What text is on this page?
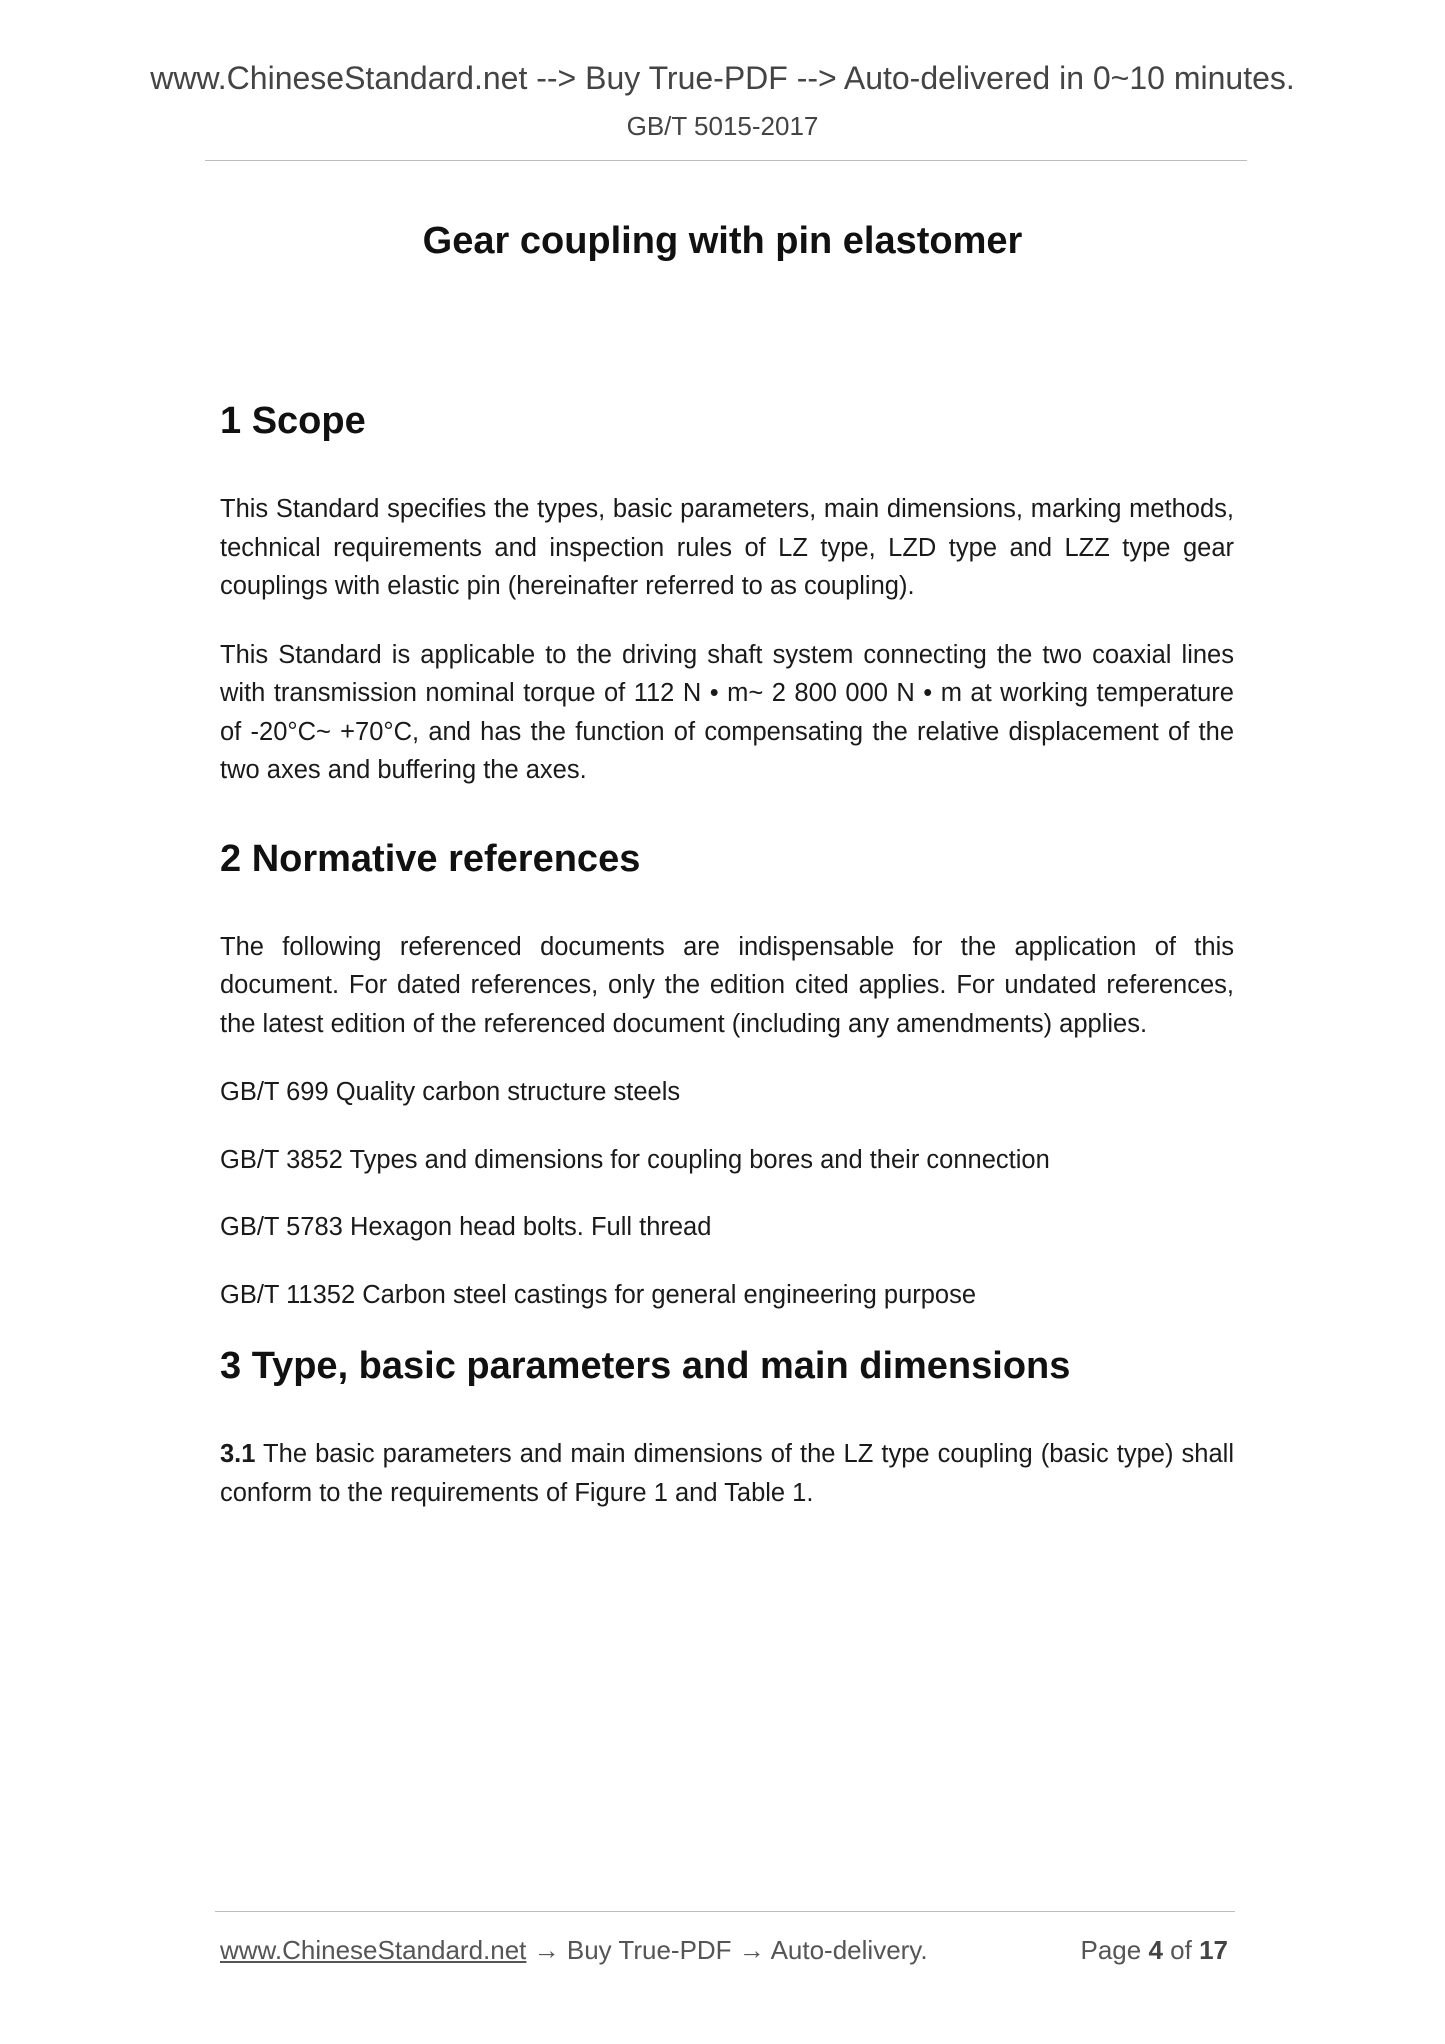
www.ChineseStandard.net --> Buy True-PDF --> Auto-delivered in 0~10 minutes.
GB/T 5015-2017
Gear coupling with pin elastomer
1 Scope

This Standard specifies the types, basic parameters, main dimensions, marking methods, technical requirements and inspection rules of LZ type, LZD type and LZZ type gear couplings with elastic pin (hereinafter referred to as coupling).

This Standard is applicable to the driving shaft system connecting the two coaxial lines with transmission nominal torque of 112 N • m~ 2 800 000 N • m at working temperature of -20°C~ +70°C, and has the function of compensating the relative displacement of the two axes and buffering the axes.

2 Normative references

The following referenced documents are indispensable for the application of this document. For dated references, only the edition cited applies. For undated references, the latest edition of the referenced document (including any amendments) applies.

GB/T 699 Quality carbon structure steels

GB/T 3852 Types and dimensions for coupling bores and their connection

GB/T 5783 Hexagon head bolts. Full thread

GB/T 11352 Carbon steel castings for general engineering purpose

3 Type, basic parameters and main dimensions

3.1 The basic parameters and main dimensions of the LZ type coupling (basic type) shall conform to the requirements of Figure 1 and Table 1.

www.ChineseStandard.net → Buy True-PDF → Auto-delivery.	Page 4 of 17
